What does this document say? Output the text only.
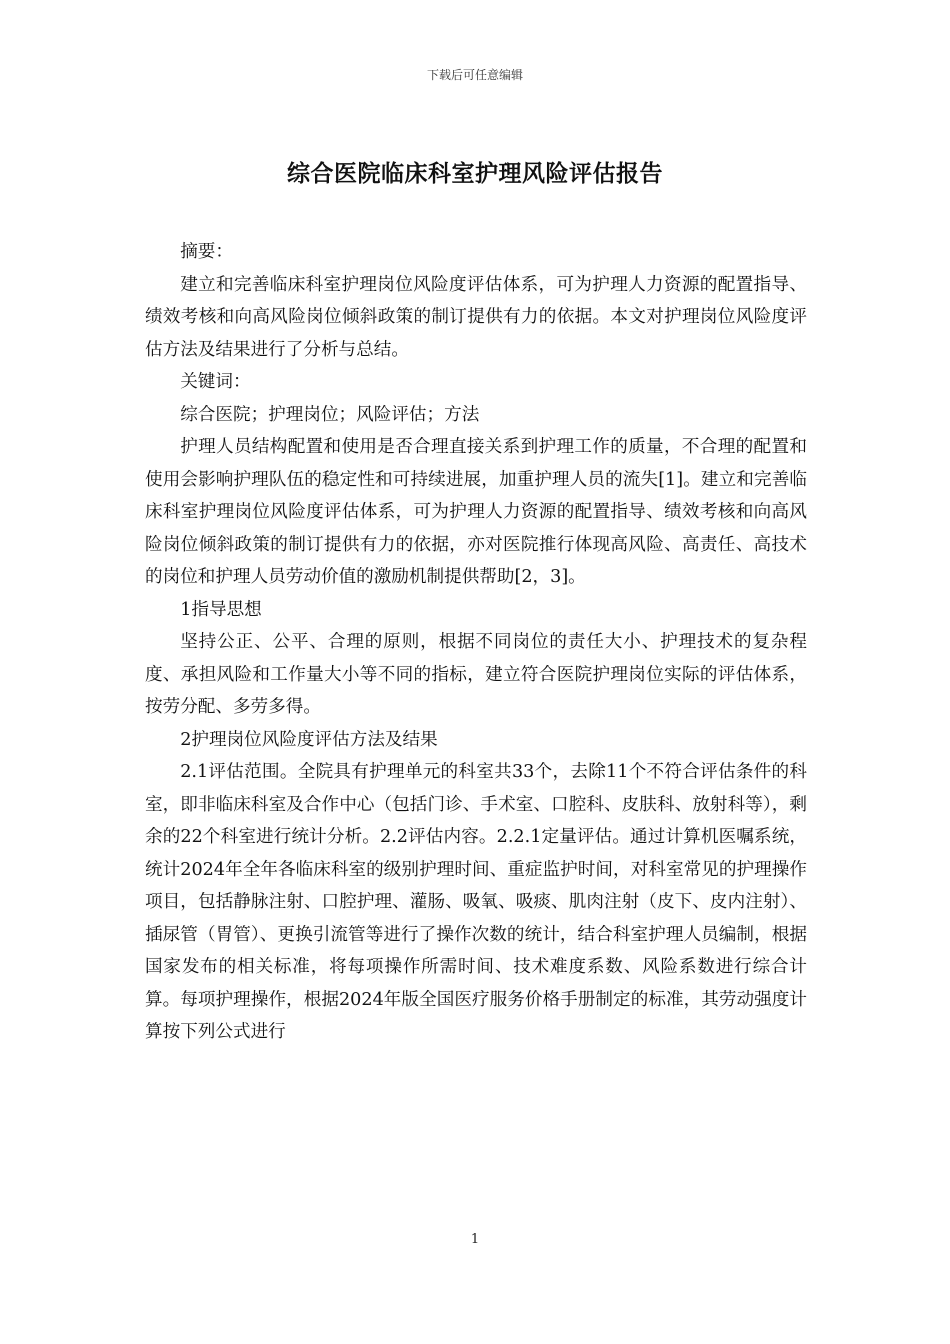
下载后可任意编辑
综合医院临床科室护理风险评估报告

摘要：

建立和完善临床科室护理岗位风险度评估体系，可为护理人力资源的配置指导、绩效考核和向高风险岗位倾斜政策的制订提供有力的依据。本文对护理岗位风险度评估方法及结果进行了分析与总结。

关键词：

综合医院；护理岗位；风险评估；方法

护理人员结构配置和使用是否合理直接关系到护理工作的质量，不合理的配置和使用会影响护理队伍的稳定性和可持续进展，加重护理人员的流失[1]。建立和完善临床科室护理岗位风险度评估体系，可为护理人力资源的配置指导、绩效考核和向高风险岗位倾斜政策的制订提供有力的依据，亦对医院推行体现高风险、高责任、高技术的岗位和护理人员劳动价值的激励机制提供帮助[2，3]。

1指导思想

坚持公正、公平、合理的原则，根据不同岗位的责任大小、护理技术的复杂程度、承担风险和工作量大小等不同的指标，建立符合医院护理岗位实际的评估体系，按劳分配、多劳多得。

2护理岗位风险度评估方法及结果

2.1评估范围。全院具有护理单元的科室共33个，去除11个不符合评估条件的科室，即非临床科室及合作中心（包括门诊、手术室、口腔科、皮肤科、放射科等），剩余的22个科室进行统计分析。2.2评估内容。2.2.1定量评估。通过计算机医嘱系统，统计2024年全年各临床科室的级别护理时间、重症监护时间，对科室常见的护理操作项目，包括静脉注射、口腔护理、灌肠、吸氧、吸痰、肌肉注射（皮下、皮内注射）、插尿管（胃管）、更换引流管等进行了操作次数的统计，结合科室护理人员编制，根据国家发布的相关标准，将每项操作所需时间、技术难度系数、风险系数进行综合计算。每项护理操作，根据2024年版全国医疗服务价格手册制定的标准，其劳动强度计算按下列公式进行

1
